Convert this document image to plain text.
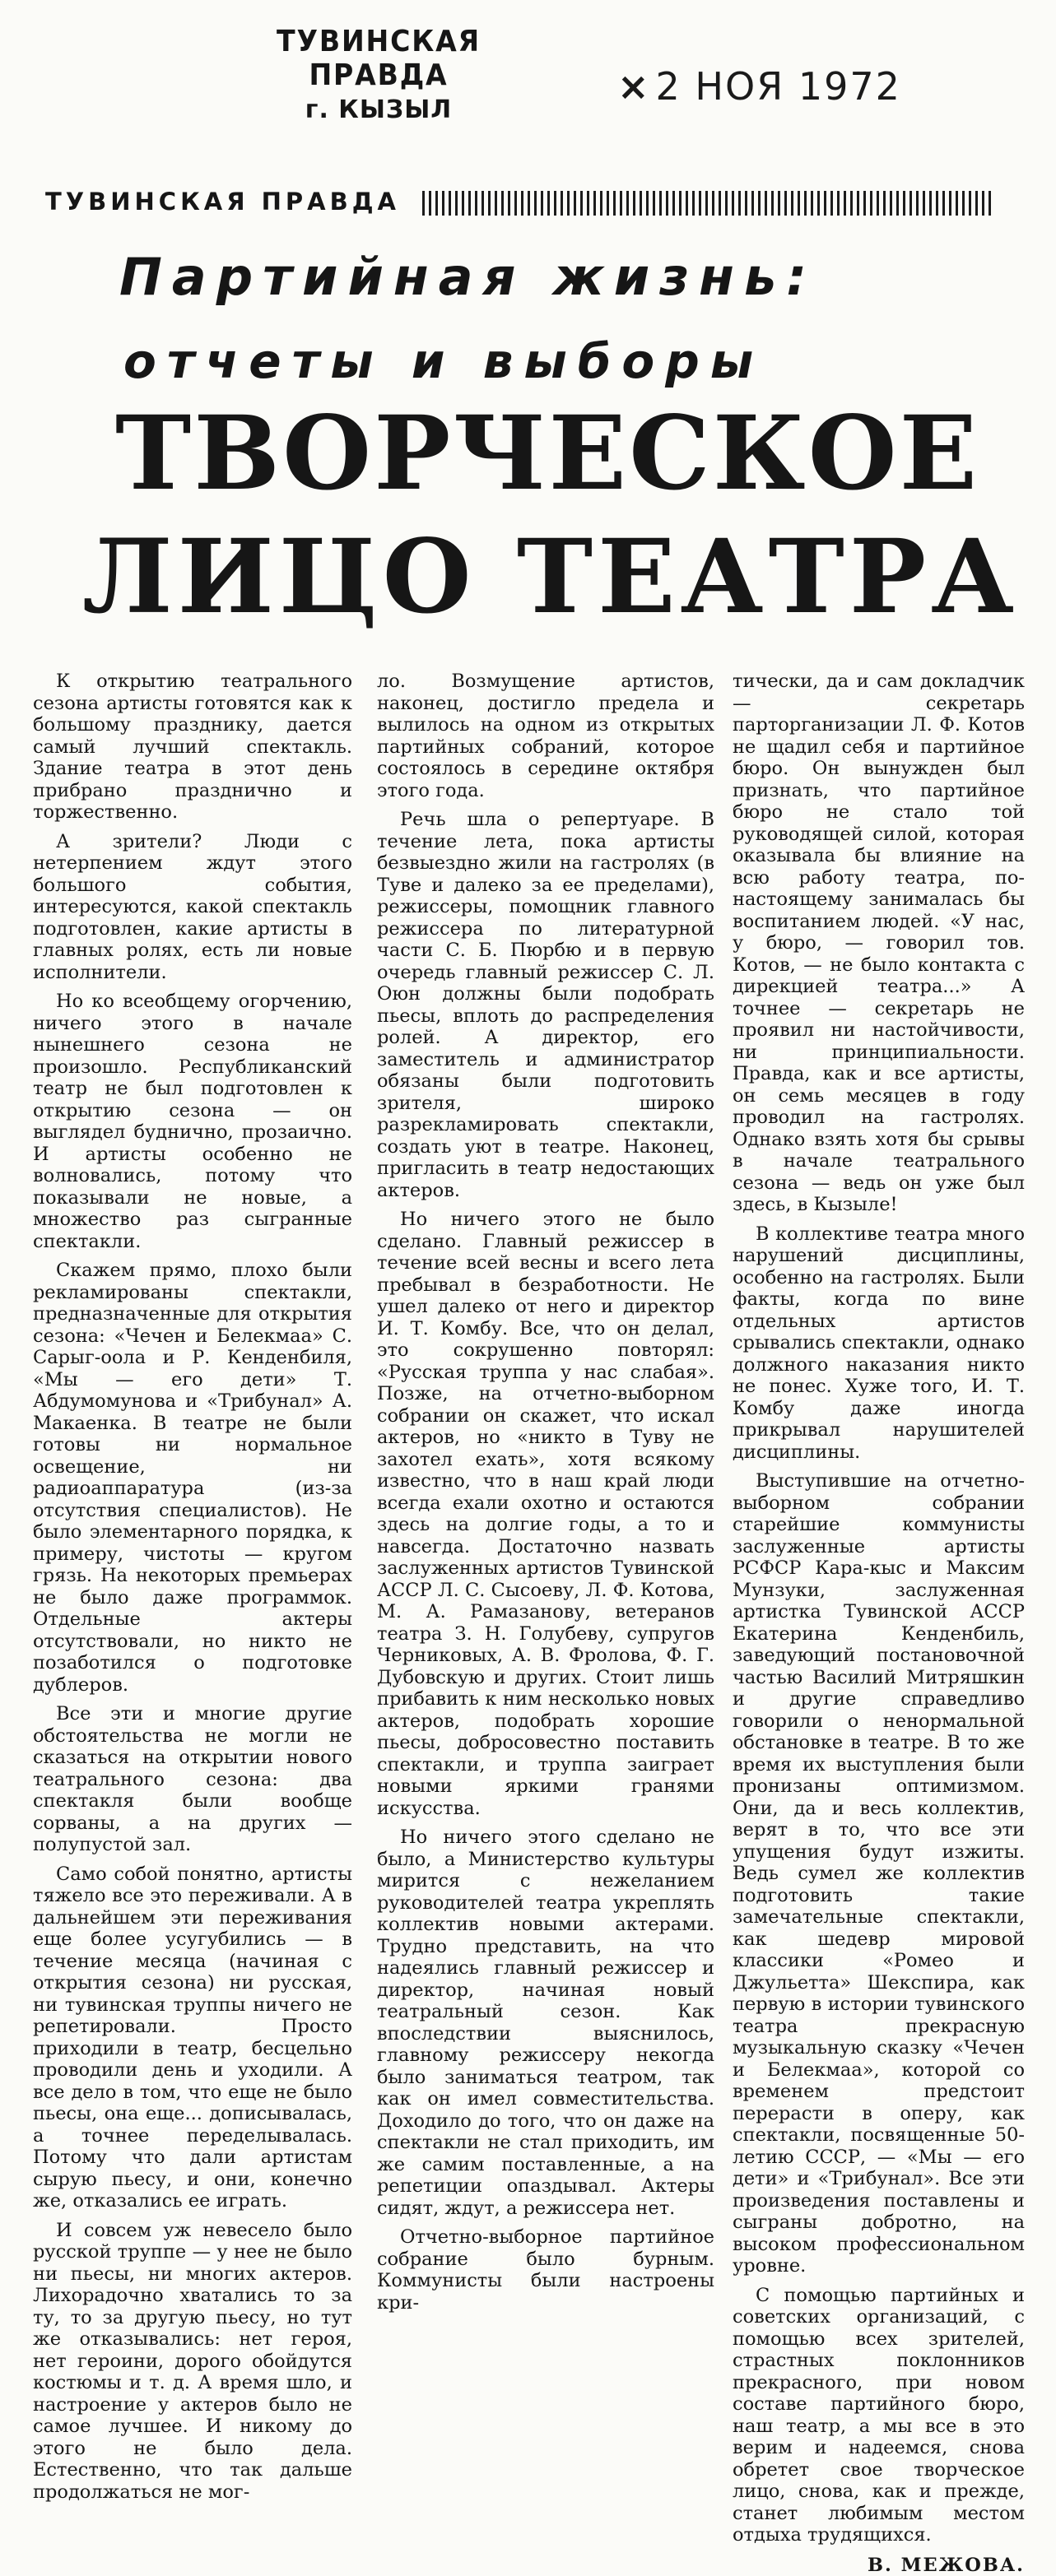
ТУВИНСКАЯ ПРАВДА
г. КЫЗЫЛ
× 2 НОЯ 1972
ТУВИНСКАЯ ПРАВДА
Партийная жизнь:
отчеты и выборы
ТВОРЧЕСКОЕ
ЛИЦО ТЕАТРА

К открытию театрального сезона артисты готовятся как к большому празднику, дается самый лучший спектакль. Здание театра в этот день прибрано празднично и торжественно.

А зрители? Люди с нетерпением ждут этого большого события, интересуются, какой спектакль подготовлен, какие артисты в главных ролях, есть ли новые исполнители.

Но ко всеобщему огорчению, ничего этого в начале нынешнего сезона не произошло. Республиканский театр не был подготовлен к открытию сезона — он выглядел буднично, прозаично. И артисты особенно не волновались, потому что показывали не новые, а множество раз сыгранные спектакли.

Скажем прямо, плохо были рекламированы спектакли, предназначенные для открытия сезона: «Чечен и Белекмаа» С. Сарыг-оола и Р. Кенденбиля, «Мы — его дети» Т. Абдумомунова и «Трибунал» А. Макаенка. В театре не были готовы ни нормальное освещение, ни радиоаппаратура (из-за отсутствия специалистов). Не было элементарного порядка, к примеру, чистоты — кругом грязь. На некоторых премьерах не было даже программок. Отдельные актеры отсутствовали, но никто не позаботился о подготовке дублеров.

Все эти и многие другие обстоятельства не могли не сказаться на открытии нового театрального сезона: два спектакля были вообще сорваны, а на других — полупустой зал.

Само собой понятно, артисты тяжело все это переживали. А в дальнейшем эти переживания еще более усугубились — в течение месяца (начиная с открытия сезона) ни русская, ни тувинская труппы ничего не репетировали. Просто приходили в театр, бесцельно проводили день и уходили. А все дело в том, что еще не было пьесы, она еще... дописывалась, а точнее переделывалась. Потому что дали артистам сырую пьесу, и они, конечно же, отказались ее играть.

И совсем уж невесело было русской труппе — у нее не было ни пьесы, ни многих актеров. Лихорадочно хватались то за ту, то за другую пьесу, но тут же отказывались: нет героя, нет героини, дорого обойдутся костюмы и т. д. А время шло, и настроение у актеров было не самое лучшее. И никому до этого не было дела. Естественно, что так дальше продолжаться не мог-

ло. Возмущение артистов, наконец, достигло предела и вылилось на одном из открытых партийных собраний, которое состоялось в середине октября этого года.

Речь шла о репертуаре. В течение лета, пока артисты безвыездно жили на гастролях (в Туве и далеко за ее пределами), режиссеры, помощник главного режиссера по литературной части С. Б. Пюрбю и в первую очередь главный режиссер С. Л. Оюн должны были подобрать пьесы, вплоть до распределения ролей. А директор, его заместитель и администратор обязаны были подготовить зрителя, широко разрекламировать спектакли, создать уют в театре. Наконец, пригласить в театр недостающих актеров.

Но ничего этого не было сделано. Главный режиссер в течение всей весны и всего лета пребывал в безработности. Не ушел далеко от него и директор И. Т. Комбу. Все, что он делал, это сокрушенно повторял: «Русская труппа у нас слабая». Позже, на отчетно-выборном собрании он скажет, что искал актеров, но «никто в Туву не захотел ехать», хотя всякому известно, что в наш край люди всегда ехали охотно и остаются здесь на долгие годы, а то и навсегда. Достаточно назвать заслуженных артистов Тувинской АССР Л. С. Сысоеву, Л. Ф. Котова, М. А. Рамазанову, ветеранов театра З. Н. Голубеву, супругов Черниковых, А. В. Фролова, Ф. Г. Дубовскую и других. Стоит лишь прибавить к ним несколько новых актеров, подобрать хорошие пьесы, добросовестно поставить спектакли, и труппа заиграет новыми яркими гранями искусства.

Но ничего этого сделано не было, а Министерство культуры мирится с нежеланием руководителей театра укреплять коллектив новыми актерами. Трудно представить, на что надеялись главный режиссер и директор, начиная новый театральный сезон. Как впоследствии выяснилось, главному режиссеру некогда было заниматься театром, так как он имел совместительства. Доходило до того, что он даже на спектакли не стал приходить, им же самим поставленные, а на репетиции опаздывал. Актеры сидят, ждут, а режиссера нет.

Отчетно-выборное партийное собрание было бурным. Коммунисты были настроены кри-

тически, да и сам докладчик — секретарь парторганизации Л. Ф. Котов не щадил себя и партийное бюро. Он вынужден был признать, что партийное бюро не стало той руководящей силой, которая оказывала бы влияние на всю работу театра, по-настоящему занималась бы воспитанием людей. «У нас, у бюро, — говорил тов. Котов, — не было контакта с дирекцией театра...» А точнее — секретарь не проявил ни настойчивости, ни принципиальности. Правда, как и все артисты, он семь месяцев в году проводил на гастролях. Однако взять хотя бы срывы в начале театрального сезона — ведь он уже был здесь, в Кызыле!

В коллективе театра много нарушений дисциплины, особенно на гастролях. Были факты, когда по вине отдельных артистов срывались спектакли, однако должного наказания никто не понес. Хуже того, И. Т. Комбу даже иногда прикрывал нарушителей дисциплины.

Выступившие на отчетно-выборном собрании старейшие коммунисты заслуженные артисты РСФСР Кара-кыс и Максим Мунзуки, заслуженная артистка Тувинской АССР Екатерина Кенденбиль, заведующий постановочной частью Василий Митряшкин и другие справедливо говорили о ненормальной обстановке в театре. В то же время их выступления были пронизаны оптимизмом. Они, да и весь коллектив, верят в то, что все эти упущения будут изжиты. Ведь сумел же коллектив подготовить такие замечательные спектакли, как шедевр мировой классики «Ромео и Джульетта» Шекспира, как первую в истории тувинского театра прекрасную музыкальную сказку «Чечен и Белекмаа», которой со временем предстоит перерасти в оперу, как спектакли, посвященные 50-летию СССР, — «Мы — его дети» и «Трибунал». Все эти произведения поставлены и сыграны добротно, на высоком профессиональном уровне.

С помощью партийных и советских организаций, с помощью всех зрителей, страстных поклонников прекрасного, при новом составе партийного бюро, наш театр, а мы все в это верим и надеемся, снова обретет свое творческое лицо, снова, как и прежде, станет любимым местом отдыха трудящихся.

В. МЕЖОВА.
